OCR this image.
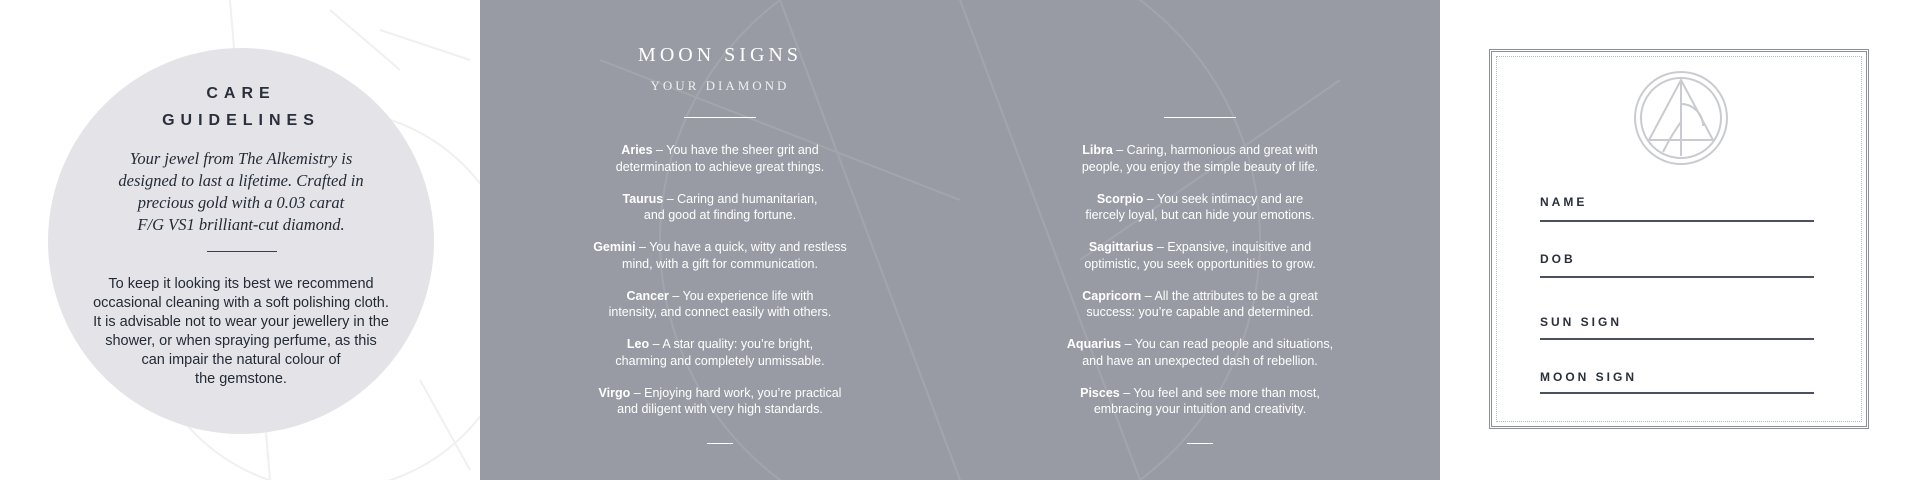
CARE
GUIDELINES
Your jewel from The Alkemistry is
designed to last a lifetime. Crafted in
precious gold with a 0.03 carat
F/G VS1 brilliant-cut diamond.
To keep it looking its best we recommend
occasional cleaning with a soft polishing cloth.
It is advisable not to wear your jewellery in the
shower, or when spraying perfume, as this
can impair the natural colour of
the gemstone.
MOON SIGNS
YOUR DIAMOND
Aries – You have the sheer grit and
determination to achieve great things.
Taurus – Caring and humanitarian,
and good at finding fortune.
Gemini – You have a quick, witty and restless
mind, with a gift for communication.
Cancer – You experience life with
intensity, and connect easily with others.
Leo – A star quality: you’re bright,
charming and completely unmissable.
Virgo – Enjoying hard work, you’re practical
and diligent with very high standards.
Libra – Caring, harmonious and great with
people, you enjoy the simple beauty of life.
Scorpio – You seek intimacy and are
fiercely loyal, but can hide your emotions.
Sagittarius – Expansive, inquisitive and
optimistic, you seek opportunities to grow.
Capricorn – All the attributes to be a great
success: you’re capable and determined.
Aquarius – You can read people and situations,
and have an unexpected dash of rebellion.
Pisces – You feel and see more than most,
embracing your intuition and creativity.
NAME
DOB
SUN SIGN
MOON SIGN
